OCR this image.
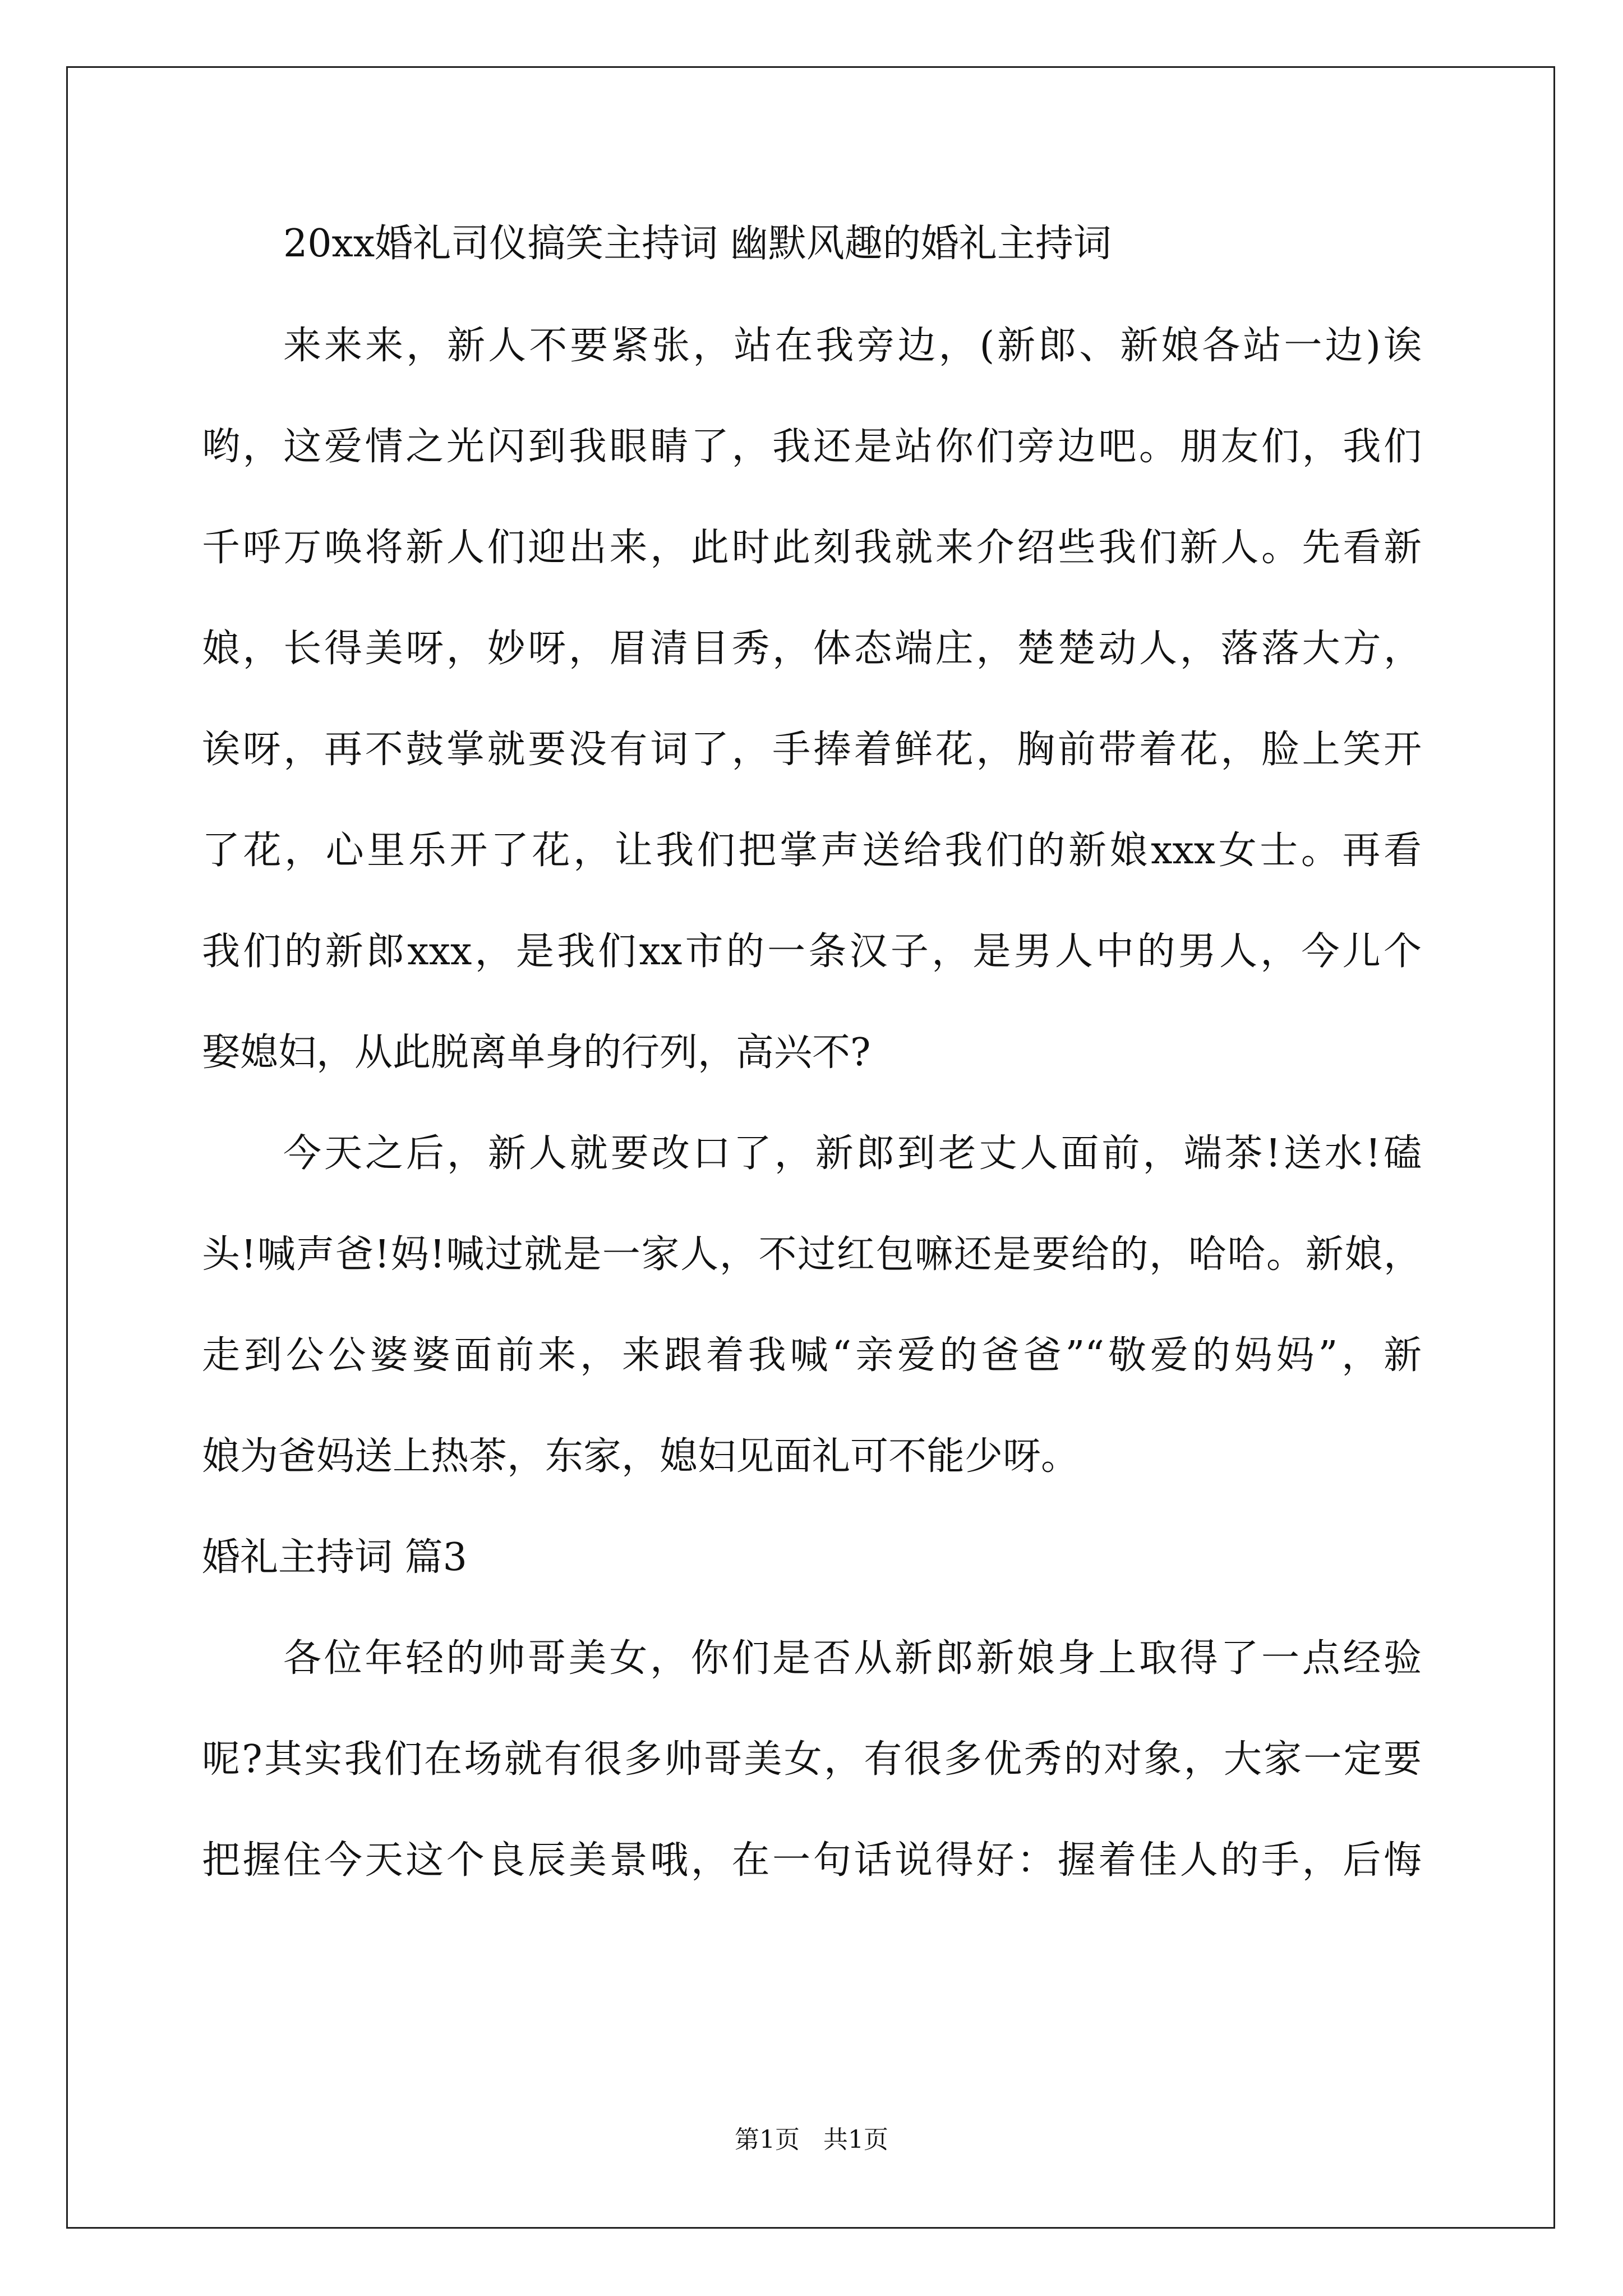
20xx婚礼司仪搞笑主持词 幽默风趣的婚礼主持词
来来来，新人不要紧张，站在我旁边，(新郎、新娘各站一边)诶
哟，这爱情之光闪到我眼睛了，我还是站你们旁边吧。朋友们，我们
千呼万唤将新人们迎出来，此时此刻我就来介绍些我们新人。先看新
娘，长得美呀，妙呀，眉清目秀，体态端庄，楚楚动人，落落大方，
诶呀，再不鼓掌就要没有词了，手捧着鲜花，胸前带着花，脸上笑开
了花，心里乐开了花，让我们把掌声送给我们的新娘xxx女士。再看
我们的新郎xxx，是我们xx市的一条汉子，是男人中的男人，今儿个
娶媳妇，从此脱离单身的行列，高兴不?
今天之后，新人就要改口了，新郎到老丈人面前，端茶!送水!磕
头!喊声爸!妈!喊过就是一家人，不过红包嘛还是要给的，哈哈。新娘，
走到公公婆婆面前来，来跟着我喊“亲爱的爸爸”“敬爱的妈妈”，新
娘为爸妈送上热茶，东家，媳妇见面礼可不能少呀。
婚礼主持词 篇3
各位年轻的帅哥美女，你们是否从新郎新娘身上取得了一点经验
呢?其实我们在场就有很多帅哥美女，有很多优秀的对象，大家一定要
把握住今天这个良辰美景哦，在一句话说得好：握着佳人的手，后悔
第1页   共1页
